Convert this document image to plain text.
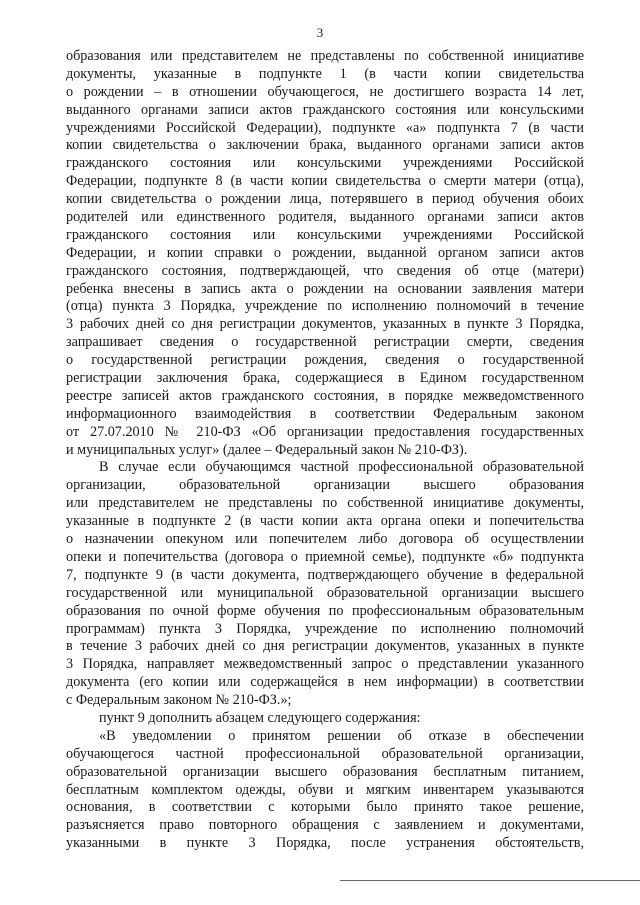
3
образования или представителем не представлены по собственной инициативе
документы, указанные в подпункте 1 (в части копии свидетельства
о рождении – в отношении обучающегося, не достигшего возраста 14 лет,
выданного органами записи актов гражданского состояния или консульскими
учреждениями Российской Федерации), подпункте «а» подпункта 7 (в части
копии свидетельства о заключении брака, выданного органами записи актов
гражданского состояния или консульскими учреждениями Российской
Федерации, подпункте 8 (в части копии свидетельства о смерти матери (отца),
копии свидетельства о рождении лица, потерявшего в период обучения обоих
родителей или единственного родителя, выданного органами записи актов
гражданского состояния или консульскими учреждениями Российской
Федерации, и копии справки о рождении, выданной органом записи актов
гражданского состояния, подтверждающей, что сведения об отце (матери)
ребенка внесены в запись акта о рождении на основании заявления матери
(отца) пункта 3 Порядка, учреждение по исполнению полномочий в течение
3 рабочих дней со дня регистрации документов, указанных в пункте 3 Порядка,
запрашивает сведения о государственной регистрации смерти, сведения
о государственной регистрации рождения, сведения о государственной
регистрации заключения брака, содержащиеся в Едином государственном
реестре записей актов гражданского состояния, в порядке межведомственного
информационного взаимодействия в соответствии Федеральным законом
от 27.07.2010 № 210-ФЗ «Об организации предоставления государственных
и муниципальных услуг» (далее – Федеральный закон № 210-ФЗ).
В случае если обучающимся частной профессиональной образовательной
организации, образовательной организации высшего образования
или представителем не представлены по собственной инициативе документы,
указанные в подпункте 2 (в части копии акта органа опеки и попечительства
о назначении опекуном или попечителем либо договора об осуществлении
опеки и попечительства (договора о приемной семье), подпункте «б» подпункта
7, подпункте 9 (в части документа, подтверждающего обучение в федеральной
государственной или муниципальной образовательной организации высшего
образования по очной форме обучения по профессиональным образовательным
программам) пункта 3 Порядка, учреждение по исполнению полномочий
в течение 3 рабочих дней со дня регистрации документов, указанных в пункте
3 Порядка, направляет межведомственный запрос о представлении указанного
документа (его копии или содержащейся в нем информации) в соответствии
с Федеральным законом № 210-ФЗ.»;
пункт 9 дополнить абзацем следующего содержания:
«В уведомлении о принятом решении об отказе в обеспечении
обучающегося частной профессиональной образовательной организации,
образовательной организации высшего образования бесплатным питанием,
бесплатным комплектом одежды, обуви и мягким инвентарем указываются
основания, в соответствии с которыми было принято такое решение,
разъясняется право повторного обращения с заявлением и документами,
указанными в пункте 3 Порядка, после устранения обстоятельств,
